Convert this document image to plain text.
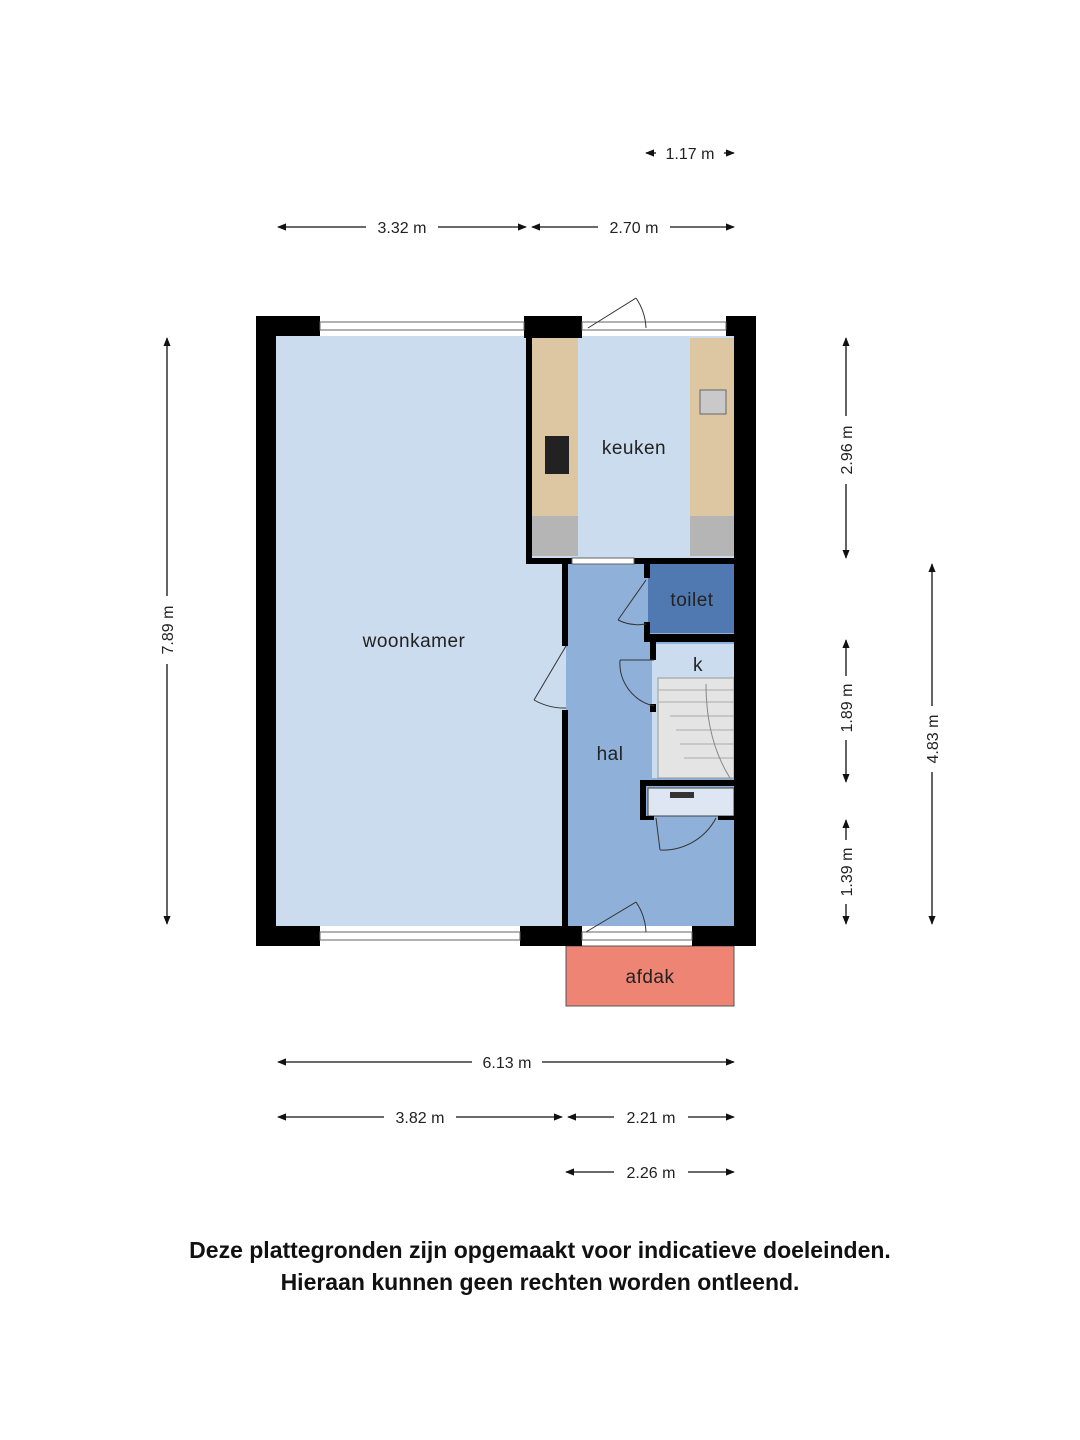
woonkamer
keuken
toilet
k
hal
afdak
1.17 m
3.32 m	2.70 m
7.89 m
2.96 m
1.89 m
1.39 m
4.83 m
6.13 m
3.82 m	2.21 m
2.26 m
Deze plattegronden zijn opgemaakt voor indicatieve doeleinden.
Hieraan kunnen geen rechten worden ontleend.
